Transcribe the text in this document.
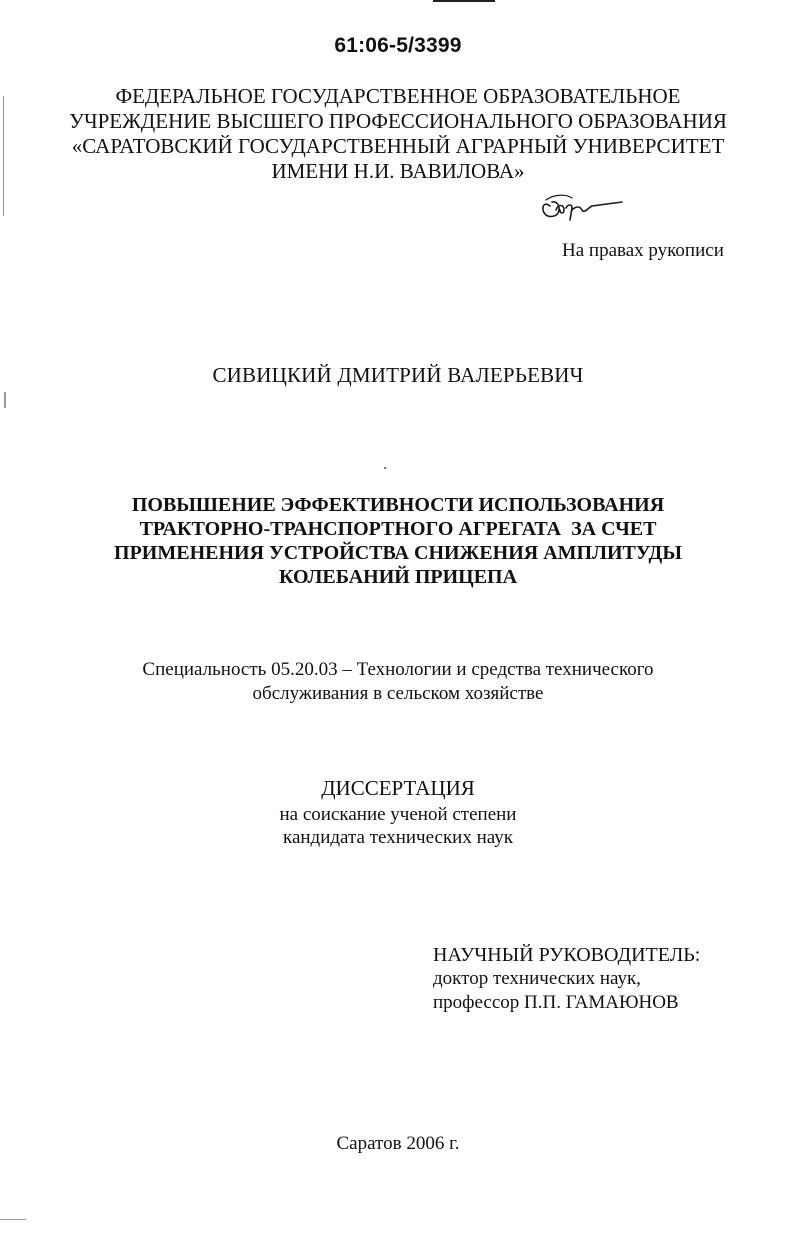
61:06-5/3399
ФЕДЕРАЛЬНОЕ ГОСУДАРСТВЕННОЕ ОБРАЗОВАТЕЛЬНОЕ
УЧРЕЖДЕНИЕ ВЫСШЕГО ПРОФЕССИОНАЛЬНОГО ОБРАЗОВАНИЯ
«САРАТОВСКИЙ ГОСУДАРСТВЕННЫЙ АГРАРНЫЙ УНИВЕРСИТЕТ
ИМЕНИ Н.И. ВАВИЛОВА»
На правах рукописи
СИВИЦКИЙ ДМИТРИЙ ВАЛЕРЬЕВИЧ
ПОВЫШЕНИЕ ЭФФЕКТИВНОСТИ ИСПОЛЬЗОВАНИЯ
ТРАКТОРНО-ТРАНСПОРТНОГО АГРЕГАТА  ЗА СЧЕТ
ПРИМЕНЕНИЯ УСТРОЙСТВА СНИЖЕНИЯ АМПЛИТУДЫ
КОЛЕБАНИЙ ПРИЦЕПА
Специальность 05.20.03 – Технологии и средства технического
обслуживания в сельском хозяйстве
ДИССЕРТАЦИЯ
на соискание ученой степени
кандидата технических наук
НАУЧНЫЙ РУКОВОДИТЕЛЬ:
доктор технических наук,
профессор П.П. ГАМАЮНОВ
Саратов 2006 г.
